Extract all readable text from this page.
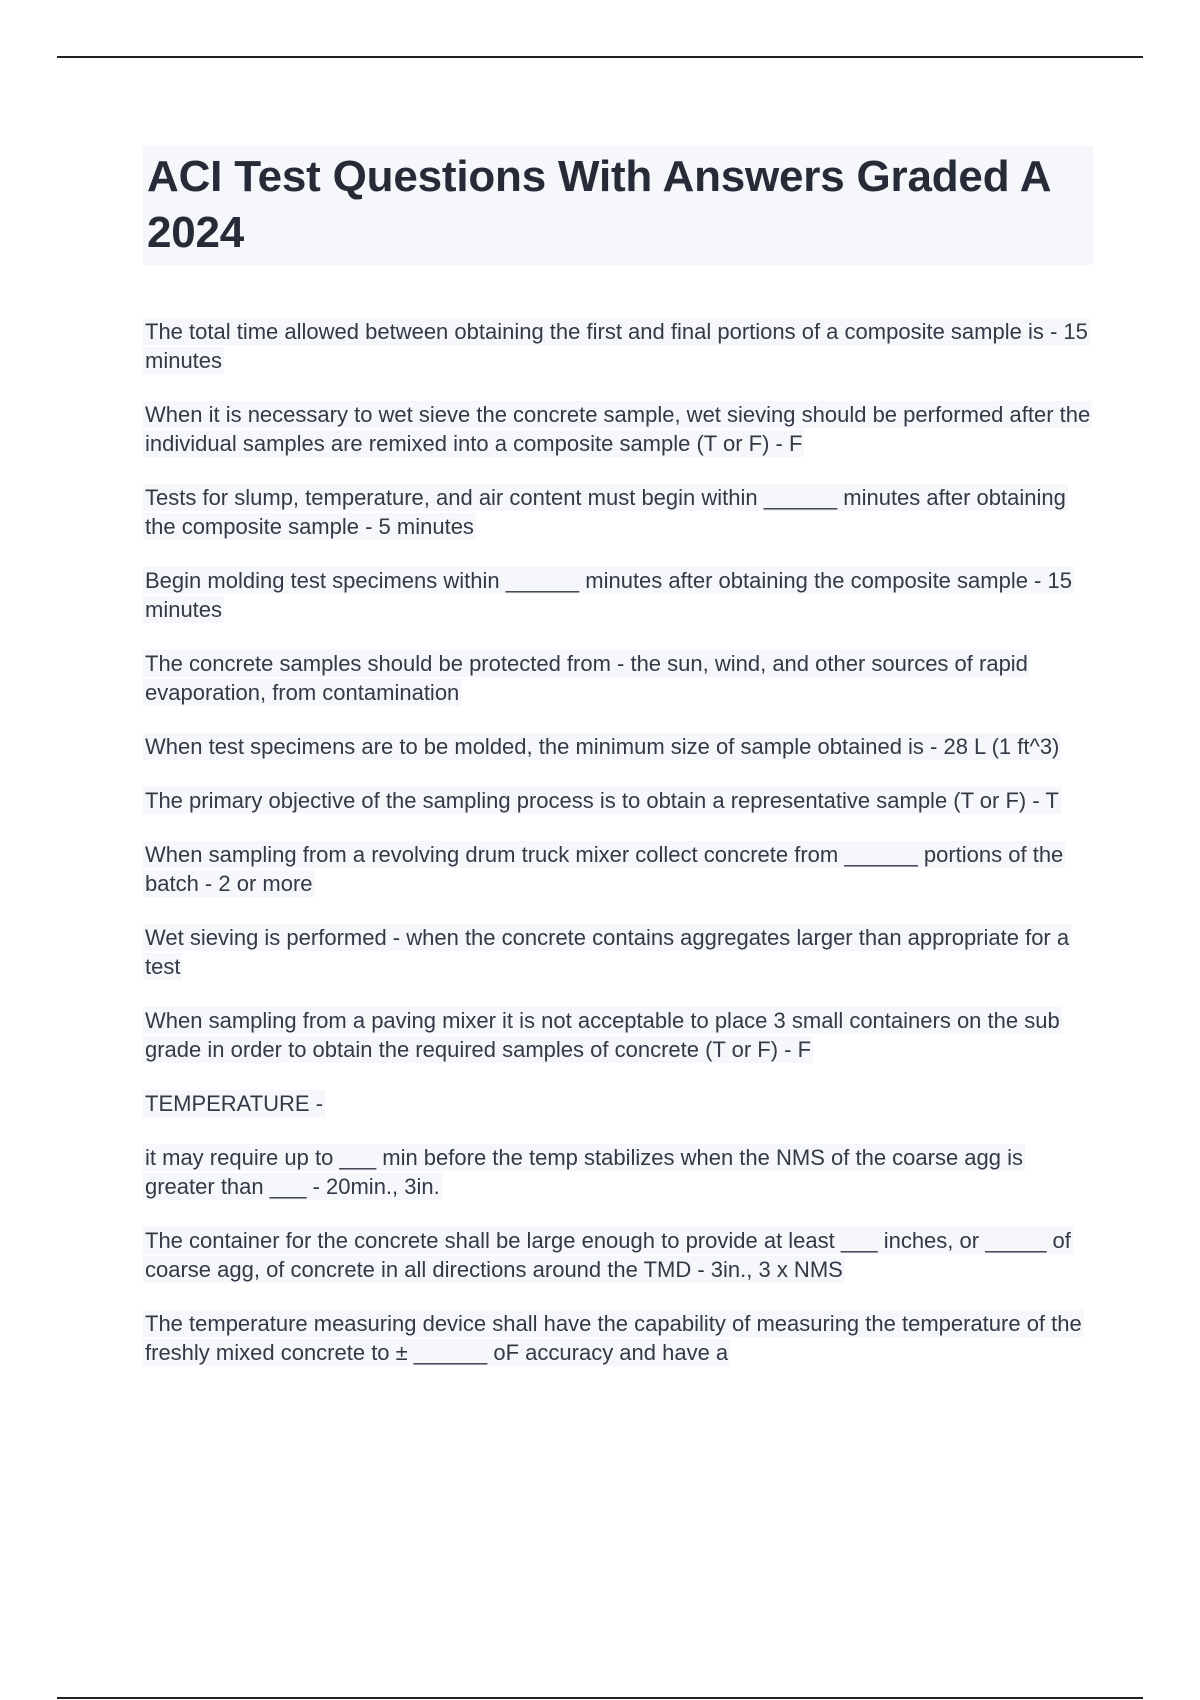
ACI Test Questions With Answers Graded A 2024

The total time allowed between obtaining the first and final portions of a composite sample is - 15 minutes

When it is necessary to wet sieve the concrete sample, wet sieving should be performed after the individual samples are remixed into a composite sample (T or F) - F

Tests for slump, temperature, and air content must begin within ______ minutes after obtaining the composite sample - 5 minutes

Begin molding test specimens within ______ minutes after obtaining the composite sample - 15 minutes

The concrete samples should be protected from - the sun, wind, and other sources of rapid evaporation, from contamination

When test specimens are to be molded, the minimum size of sample obtained is - 28 L (1 ft^3)

The primary objective of the sampling process is to obtain a representative sample (T or F) - T

When sampling from a revolving drum truck mixer collect concrete from ______ portions of the batch - 2 or more

Wet sieving is performed - when the concrete contains aggregates larger than appropriate for a test

When sampling from a paving mixer it is not acceptable to place 3 small containers on the sub grade in order to obtain the required samples of concrete (T or F) - F

TEMPERATURE -

it may require up to ___ min before the temp stabilizes when the NMS of the coarse agg is greater than ___ - 20min., 3in.

The container for the concrete shall be large enough to provide at least ___ inches, or _____ of coarse agg, of concrete in all directions around the TMD - 3in., 3 x NMS

The temperature measuring device shall have the capability of measuring the temperature of the freshly mixed concrete to ± ______ oF accuracy and have a
